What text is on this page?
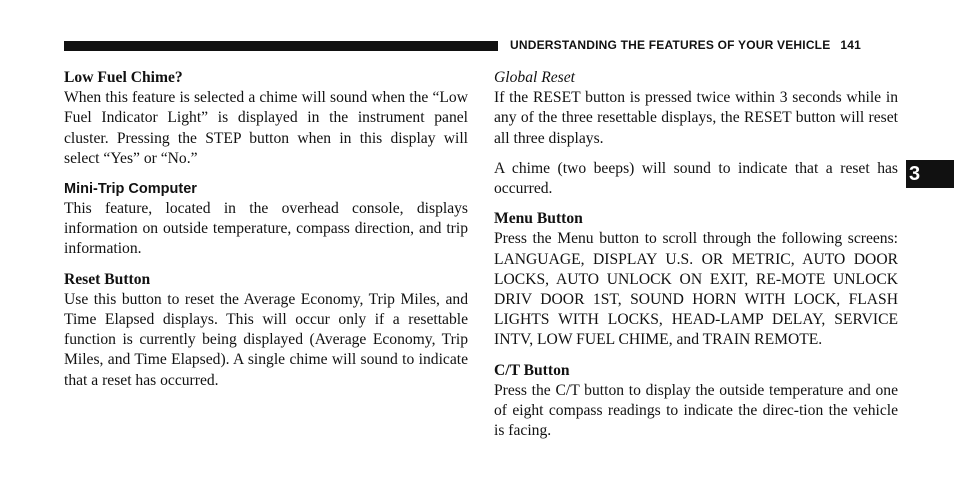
UNDERSTANDING THE FEATURES OF YOUR VEHICLE 141

Low Fuel Chime?

When this feature is selected a chime will sound when the “Low Fuel Indicator Light” is displayed in the instrument panel cluster. Pressing the STEP button when in this display will select “Yes” or “No.”

Mini-Trip Computer

This feature, located in the overhead console, displays information on outside temperature, compass direction, and trip information.

Reset Button

Use this button to reset the Average Economy, Trip Miles, and Time Elapsed displays. This will occur only if a resettable function is currently being displayed (Average Economy, Trip Miles, and Time Elapsed). A single chime will sound to indicate that a reset has occurred.

Global Reset

If the RESET button is pressed twice within 3 seconds while in any of the three resettable displays, the RESET button will reset all three displays.

A chime (two beeps) will sound to indicate that a reset has occurred.

Menu Button

Press the Menu button to scroll through the following screens: LANGUAGE, DISPLAY U.S. OR METRIC, AUTO DOOR LOCKS, AUTO UNLOCK ON EXIT, RE-MOTE UNLOCK DRIV DOOR 1ST, SOUND HORN WITH LOCK, FLASH LIGHTS WITH LOCKS, HEAD-LAMP DELAY, SERVICE INTV, LOW FUEL CHIME, and TRAIN REMOTE.

C/T Button

Press the C/T button to display the outside temperature and one of eight compass readings to indicate the direc-tion the vehicle is facing.

3
